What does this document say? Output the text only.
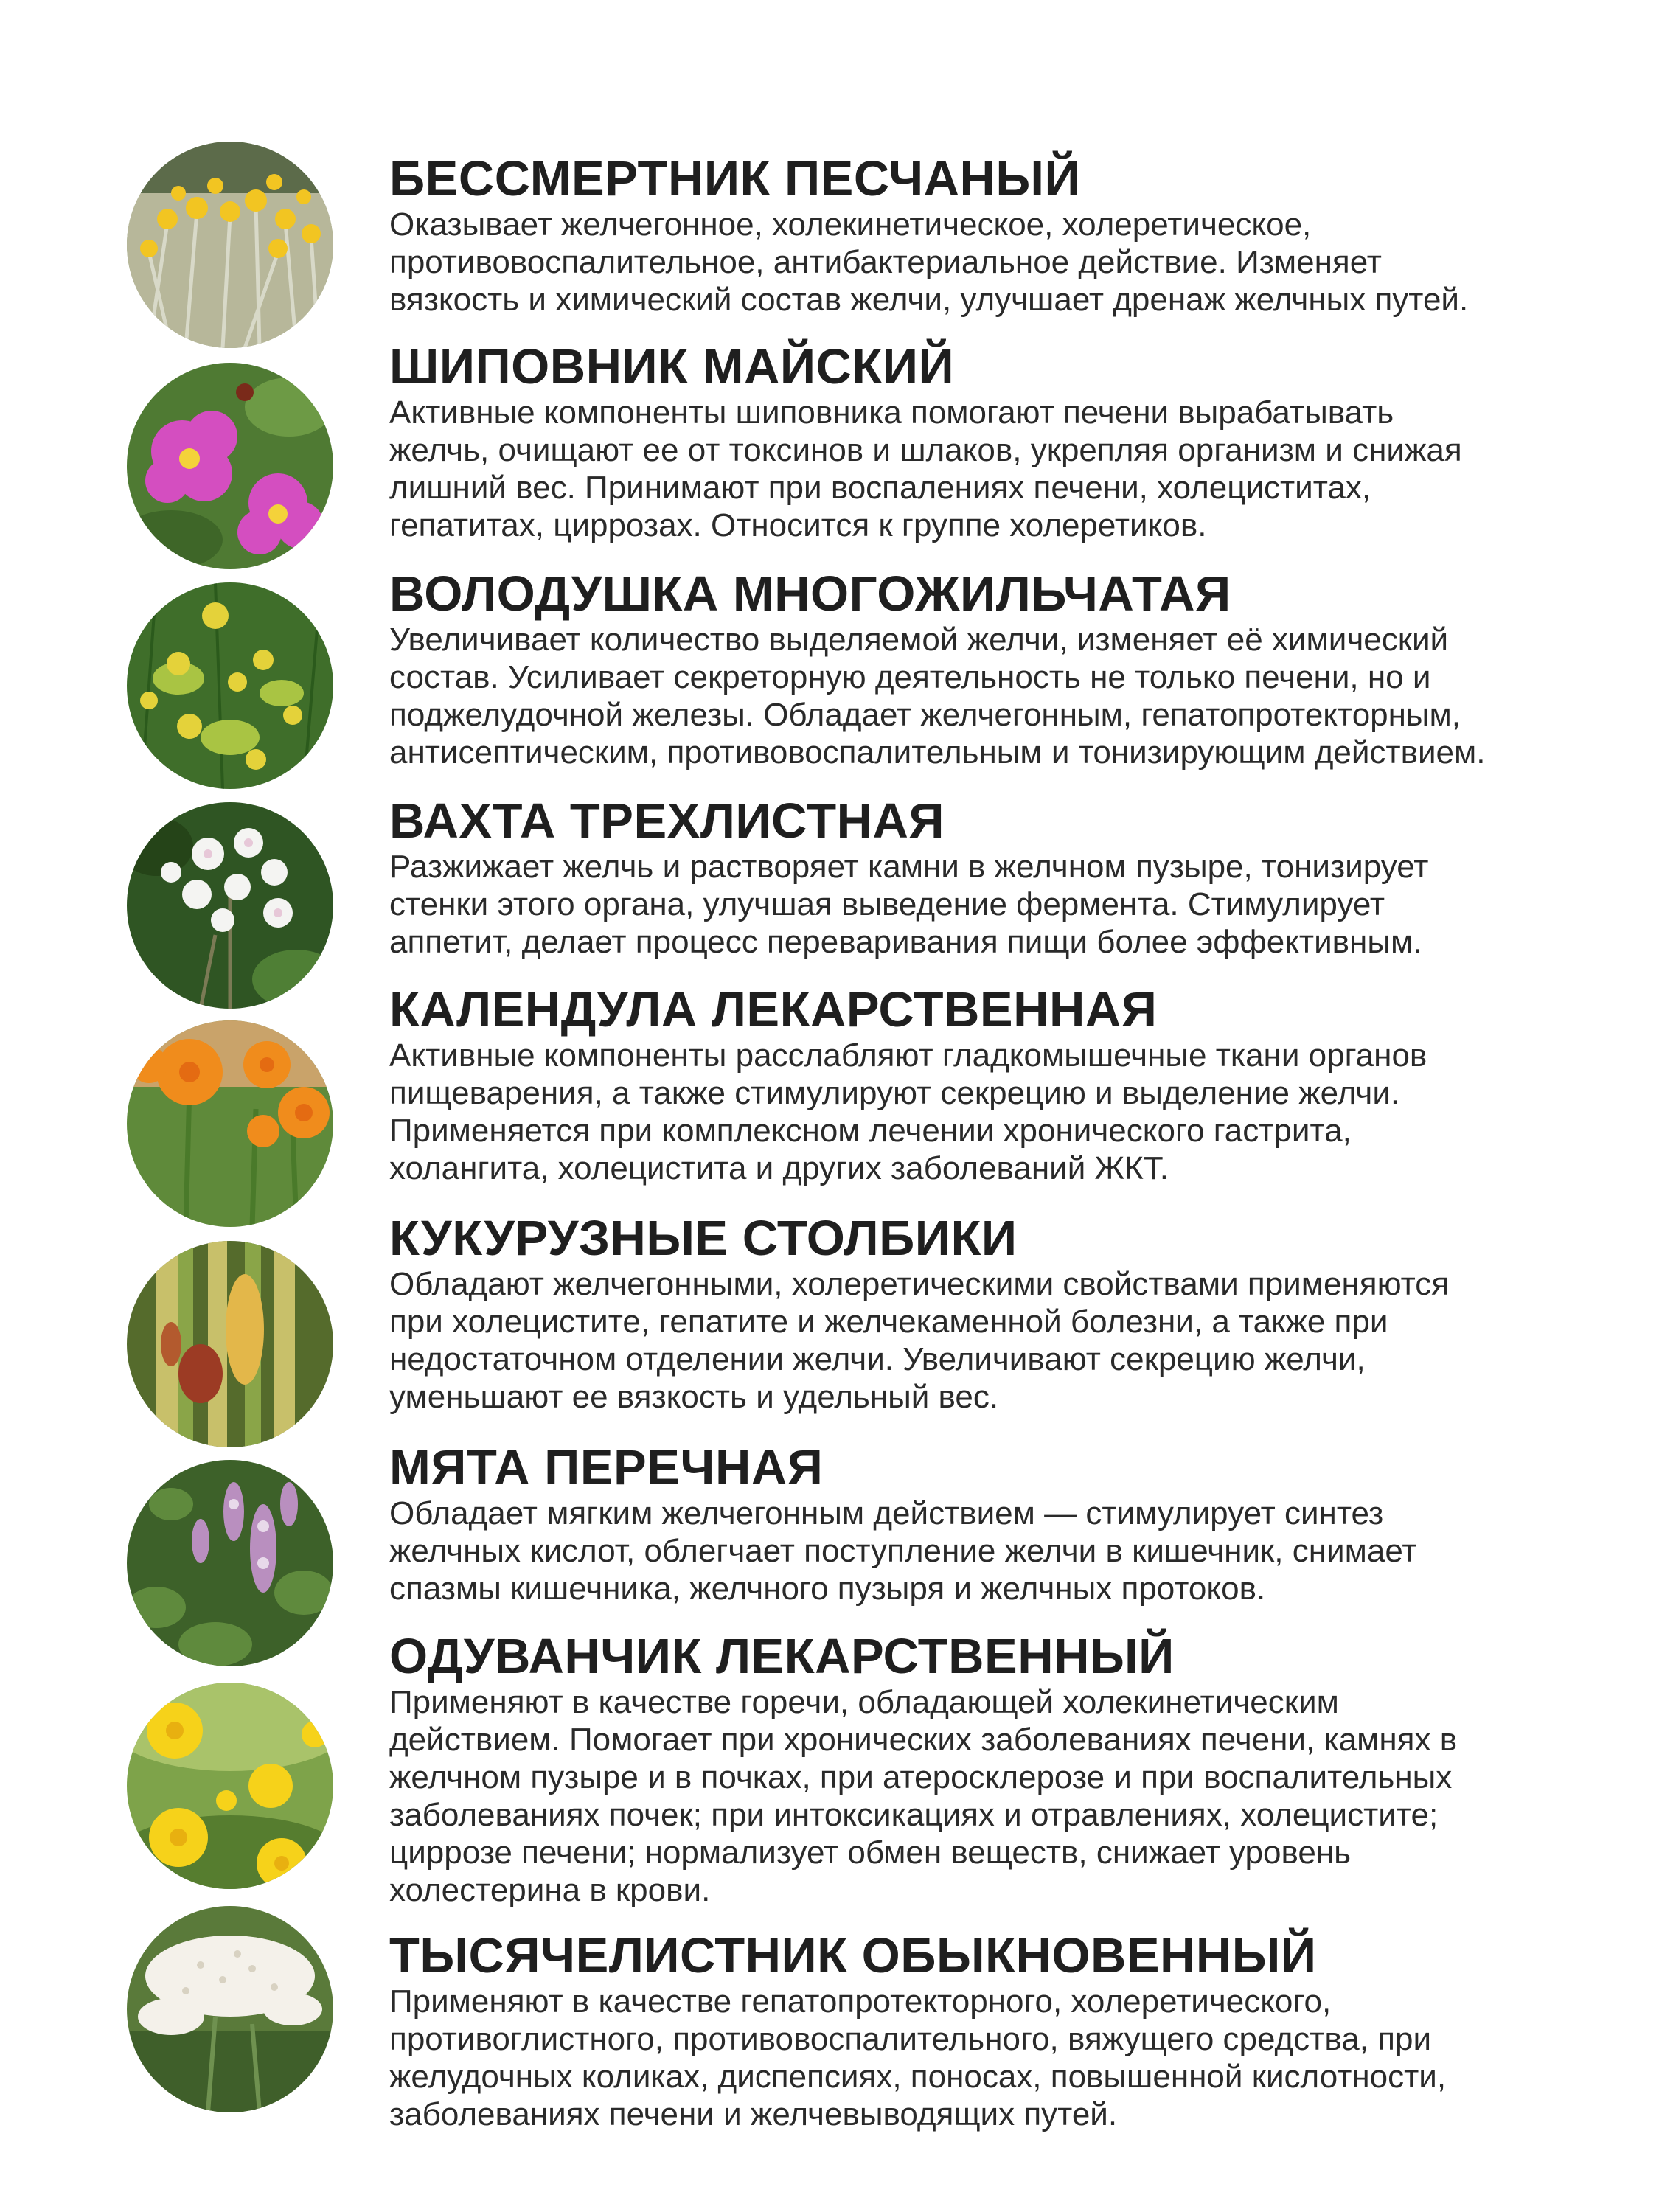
БЕССМЕРТНИК ПЕСЧАНЫЙ

Оказывает желчегонное, холекинетическое, холеретическое,
противовоспалительное, антибактериальное действие. Изменяет
вязкость и химический состав желчи, улучшает дренаж желчных путей.

ШИПОВНИК МАЙСКИЙ

Активные компоненты шиповника помогают печени вырабатывать
желчь, очищают ее от токсинов и шлаков, укрепляя организм и снижая
лишний вес. Принимают при воспалениях печени, холециститах,
гепатитах, циррозах. Относится к группе холеретиков.

ВОЛОДУШКА МНОГОЖИЛЬЧАТАЯ

Увеличивает количество выделяемой желчи, изменяет её химический
состав. Усиливает секреторную деятельность не только печени, но и
поджелудочной железы. Обладает желчегонным, гепатопротекторным,
антисептическим, противовоспалительным и тонизирующим действием.

ВАХТА ТРЕХЛИСТНАЯ

Разжижает желчь и растворяет камни в желчном пузыре, тонизирует
стенки этого органа, улучшая выведение фермента. Стимулирует
аппетит, делает процесс переваривания пищи более эффективным.

КАЛЕНДУЛА ЛЕКАРСТВЕННАЯ

Активные компоненты расслабляют гладкомышечные ткани органов
пищеварения, а также стимулируют секрецию и выделение желчи.
Применяется при комплексном лечении хронического гастрита,
холангита, холецистита и других заболеваний ЖКТ.

КУКУРУЗНЫЕ СТОЛБИКИ

Обладают желчегонными, холеретическими свойствами применяются
при холецистите, гепатите и желчекаменной болезни, а также при
недостаточном отделении желчи. Увеличивают секрецию желчи,
уменьшают ее вязкость и удельный вес.

МЯТА ПЕРЕЧНАЯ

Обладает мягким желчегонным действием — стимулирует синтез
желчных кислот, облегчает поступление желчи в кишечник, снимает
спазмы кишечника, желчного пузыря и желчных протоков.

ОДУВАНЧИК ЛЕКАРСТВЕННЫЙ

Применяют в качестве горечи, обладающей холекинетическим
действием. Помогает при хронических заболеваниях печени, камнях в
желчном пузыре и в почках, при атеросклерозе и при воспалительных
заболеваниях почек; при интоксикациях и отравлениях, холецистите;
циррозе печени; нормализует обмен веществ, снижает уровень
холестерина в крови.

ТЫСЯЧЕЛИСТНИК ОБЫКНОВЕННЫЙ

Применяют в качестве гепатопротекторного, холеретического,
противоглистного, противовоспалительного, вяжущего средства, при
желудочных коликах, диспепсиях, поносах, повышенной кислотности,
заболеваниях печени и желчевыводящих путей.
